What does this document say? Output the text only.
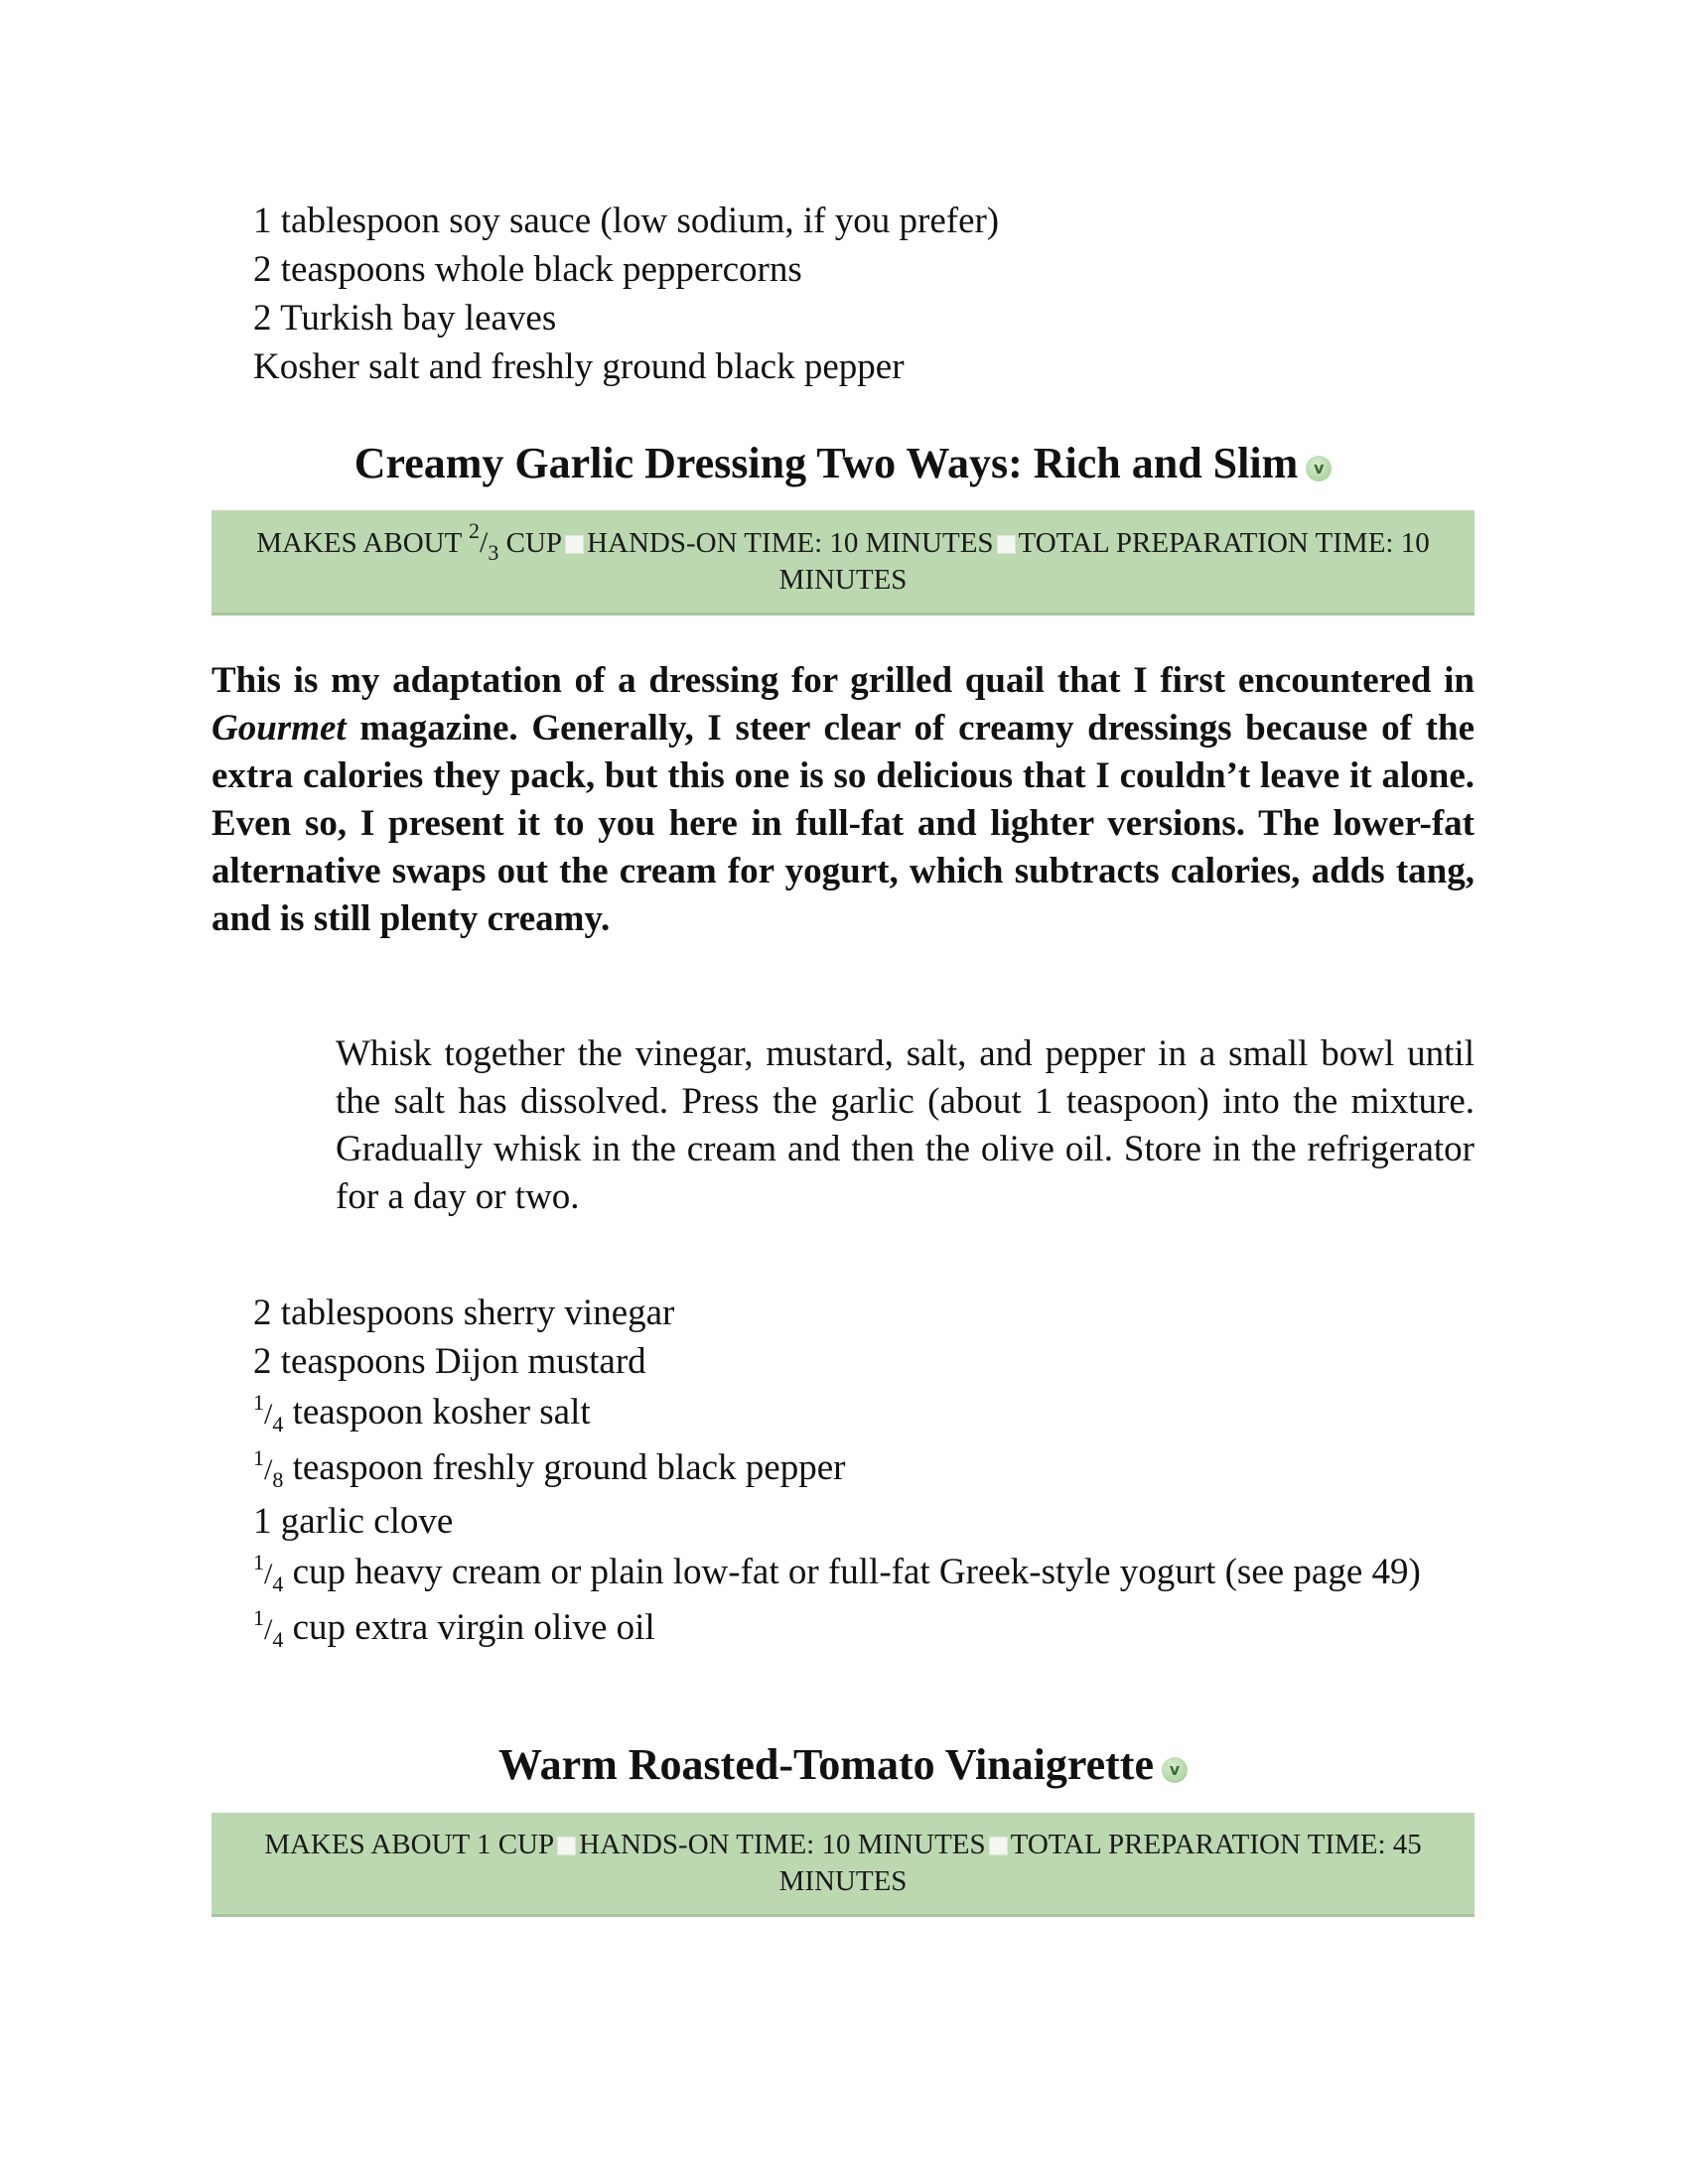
1 tablespoon soy sauce (low sodium, if you prefer)
2 teaspoons whole black peppercorns
2 Turkish bay leaves
Kosher salt and freshly ground black pepper
Creamy Garlic Dressing Two Ways: Rich and Slim v
MAKES ABOUT $^2/_3$ CUP HANDS-ON TIME: 10 MINUTES TOTAL PREPARATION TIME: 10 MINUTES
This is my adaptation of a dressing for grilled quail that I first encountered in Gourmet magazine. Generally, I steer clear of creamy dressings because of the extra calories they pack, but this one is so delicious that I couldn’t leave it alone. Even so, I present it to you here in full-fat and lighter versions. The lower-fat alternative swaps out the cream for yogurt, which subtracts calories, adds tang, and is still plenty creamy.
Whisk together the vinegar, mustard, salt, and pepper in a small bowl until the salt has dissolved. Press the garlic (about 1 teaspoon) into the mixture. Gradually whisk in the cream and then the olive oil. Store in the refrigerator for a day or two.
2 tablespoons sherry vinegar
2 teaspoons Dijon mustard
$^1/_4$ teaspoon kosher salt
$^1/_8$ teaspoon freshly ground black pepper
1 garlic clove
$^1/_4$ cup heavy cream or plain low-fat or full-fat Greek-style yogurt (see page 49)
$^1/_4$ cup extra virgin olive oil
Warm Roasted-Tomato Vinaigrette v
MAKES ABOUT 1 CUP HANDS-ON TIME: 10 MINUTES TOTAL PREPARATION TIME: 45 MINUTES
